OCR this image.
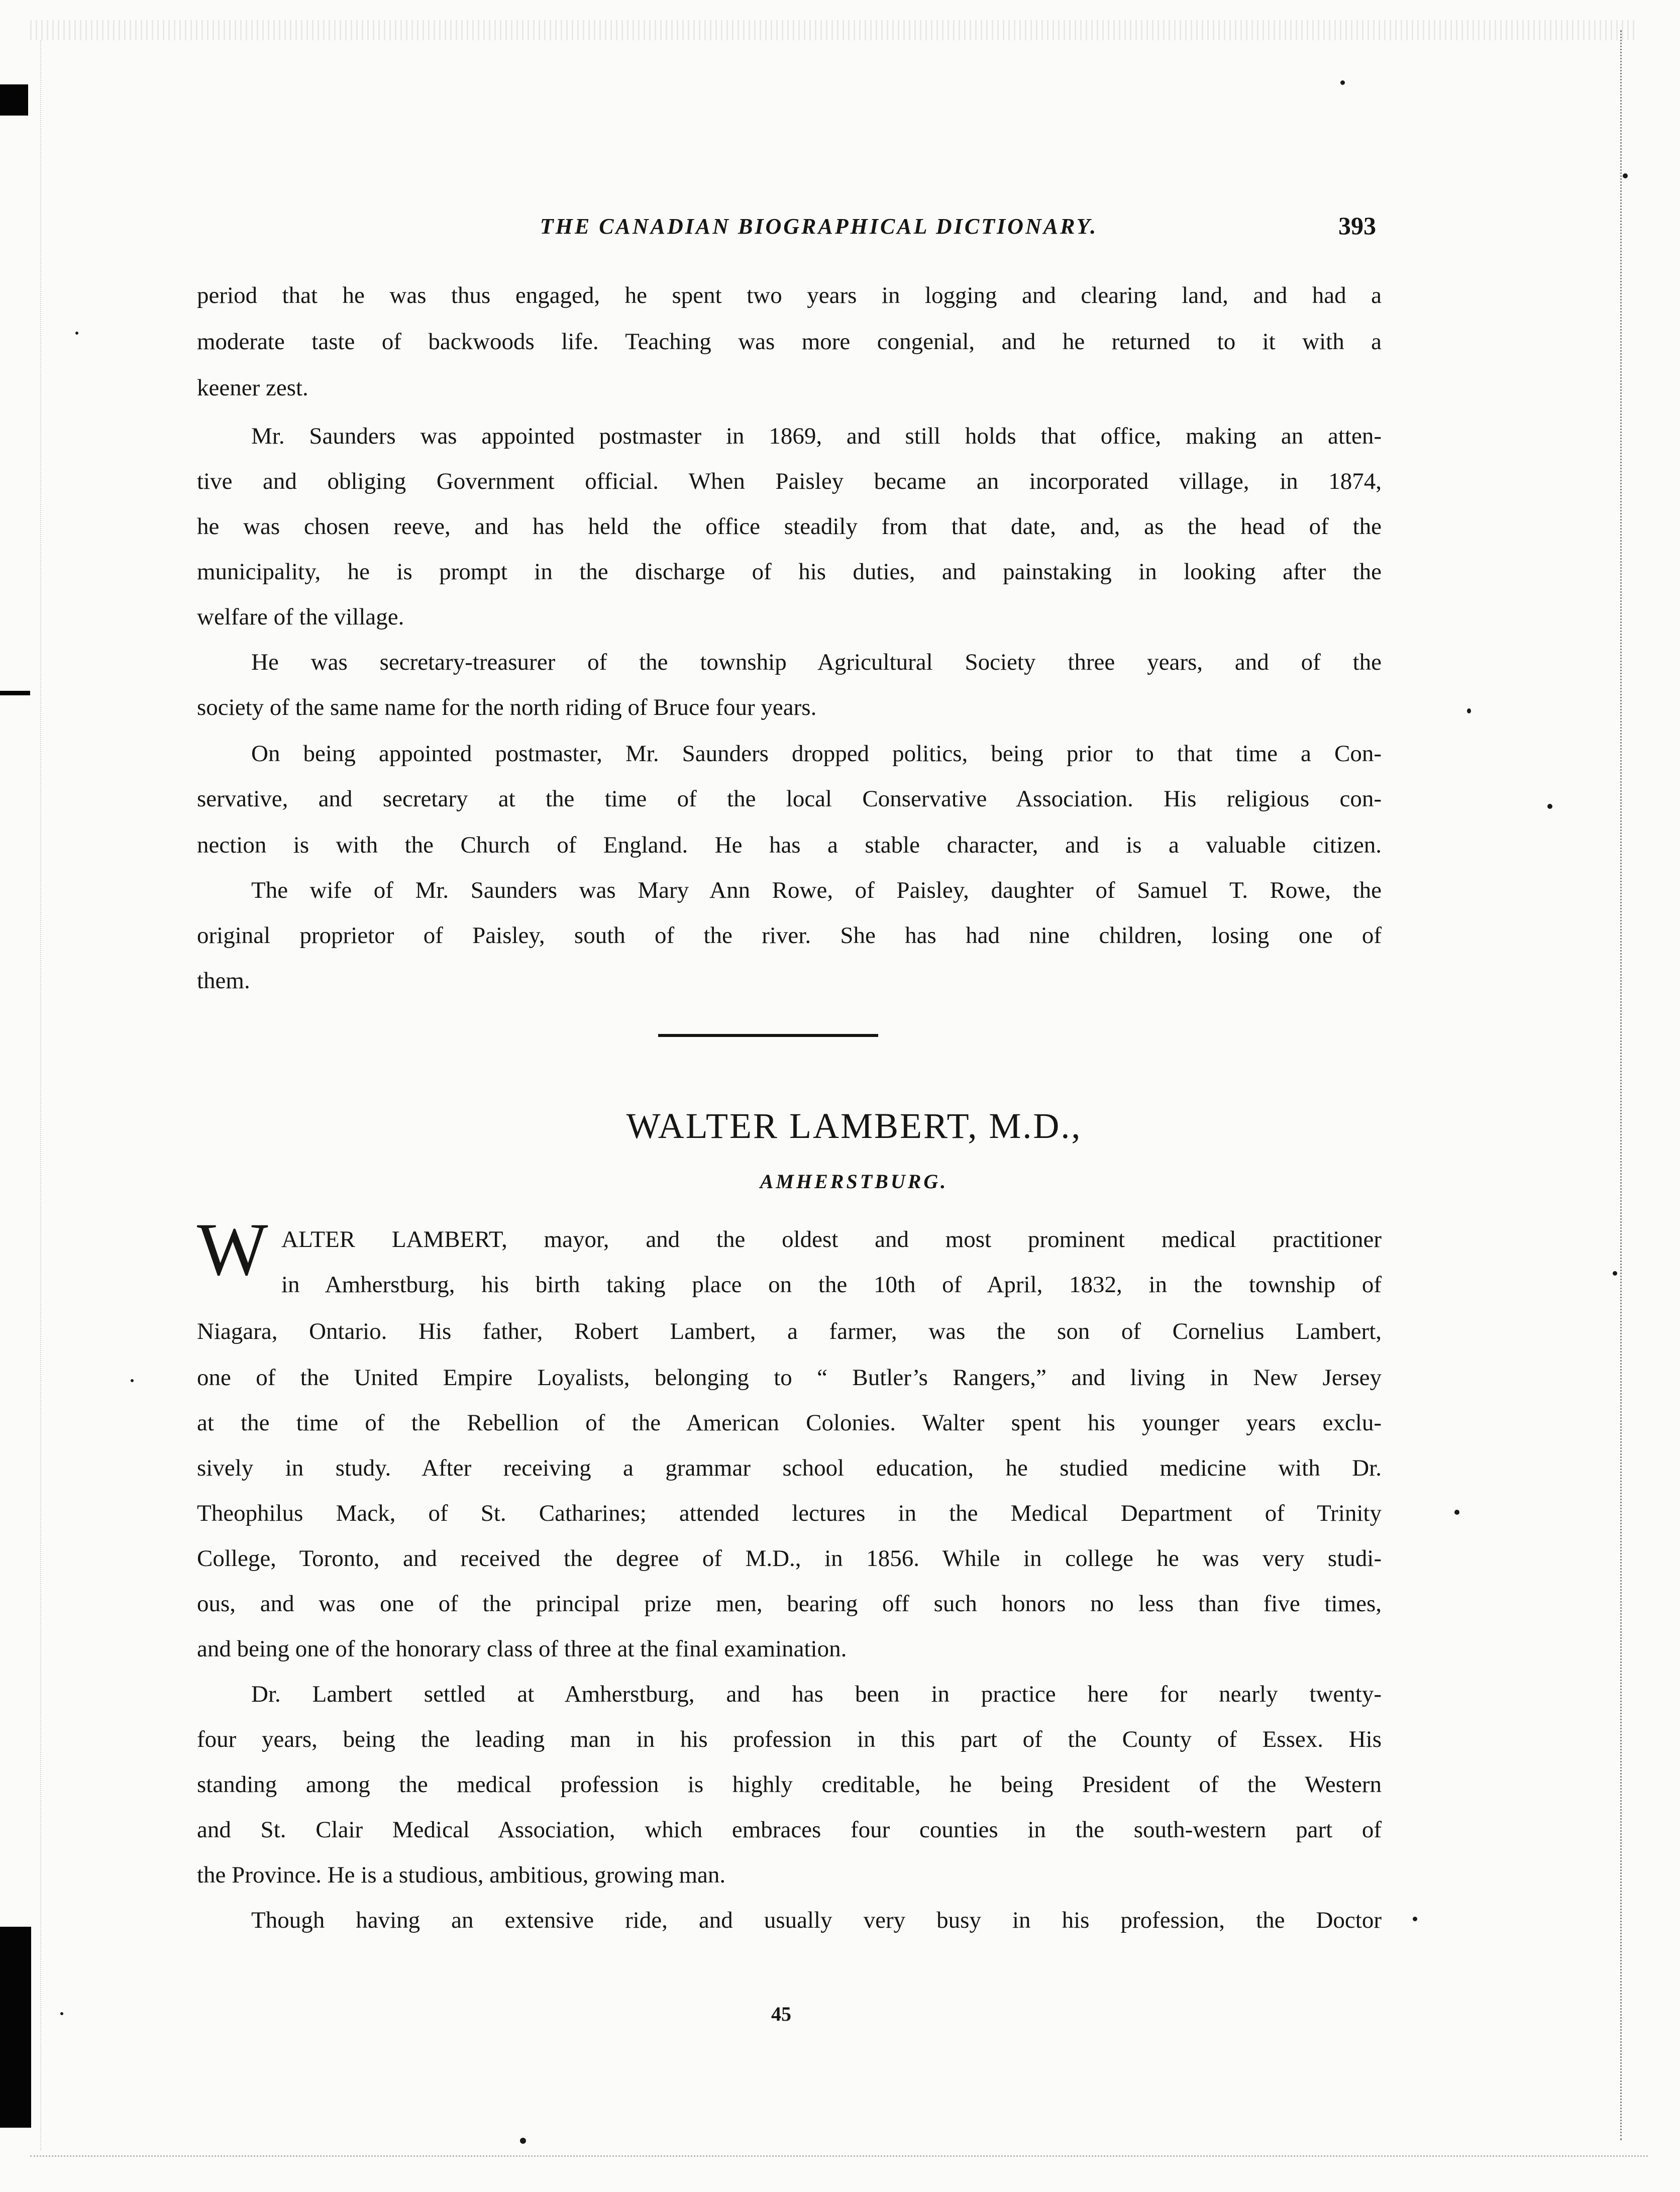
THE CANADIAN BIOGRAPHICAL DICTIONARY.	393
period that he was thus engaged, he spent two years in logging and clearing land, and had a
moderate taste of backwoods life. Teaching was more congenial, and he returned to it with a
keener zest.
Mr. Saunders was appointed postmaster in 1869, and still holds that office, making an atten-
tive and obliging Government official. When Paisley became an incorporated village, in 1874,
he was chosen reeve, and has held the office steadily from that date, and, as the head of the
municipality, he is prompt in the discharge of his duties, and painstaking in looking after the
welfare of the village.
He was secretary-treasurer of the township Agricultural Society three years, and of the
society of the same name for the north riding of Bruce four years.
On being appointed postmaster, Mr. Saunders dropped politics, being prior to that time a Con-
servative, and secretary at the time of the local Conservative Association. His religious con-
nection is with the Church of England. He has a stable character, and is a valuable citizen.
The wife of Mr. Saunders was Mary Ann Rowe, of Paisley, daughter of Samuel T. Rowe, the
original proprietor of Paisley, south of the river. She has had nine children, losing one of
them.
WALTER LAMBERT, M.D.,
AMHERSTBURG.
W ALTER LAMBERT, mayor, and the oldest and most prominent medical practitioner
in Amherstburg, his birth taking place on the 10th of April, 1832, in the township of
Niagara, Ontario. His father, Robert Lambert, a farmer, was the son of Cornelius Lambert,
one of the United Empire Loyalists, belonging to “ Butler’s Rangers,” and living in New Jersey
at the time of the Rebellion of the American Colonies. Walter spent his younger years exclu-
sively in study. After receiving a grammar school education, he studied medicine with Dr.
Theophilus Mack, of St. Catharines; attended lectures in the Medical Department of Trinity
College, Toronto, and received the degree of M.D., in 1856. While in college he was very studi-
ous, and was one of the principal prize men, bearing off such honors no less than five times,
and being one of the honorary class of three at the final examination.
Dr. Lambert settled at Amherstburg, and has been in practice here for nearly twenty-
four years, being the leading man in his profession in this part of the County of Essex. His
standing among the medical profession is highly creditable, he being President of the Western
and St. Clair Medical Association, which embraces four counties in the south-western part of
the Province. He is a studious, ambitious, growing man.
Though having an extensive ride, and usually very busy in his profession, the Doctor
45
